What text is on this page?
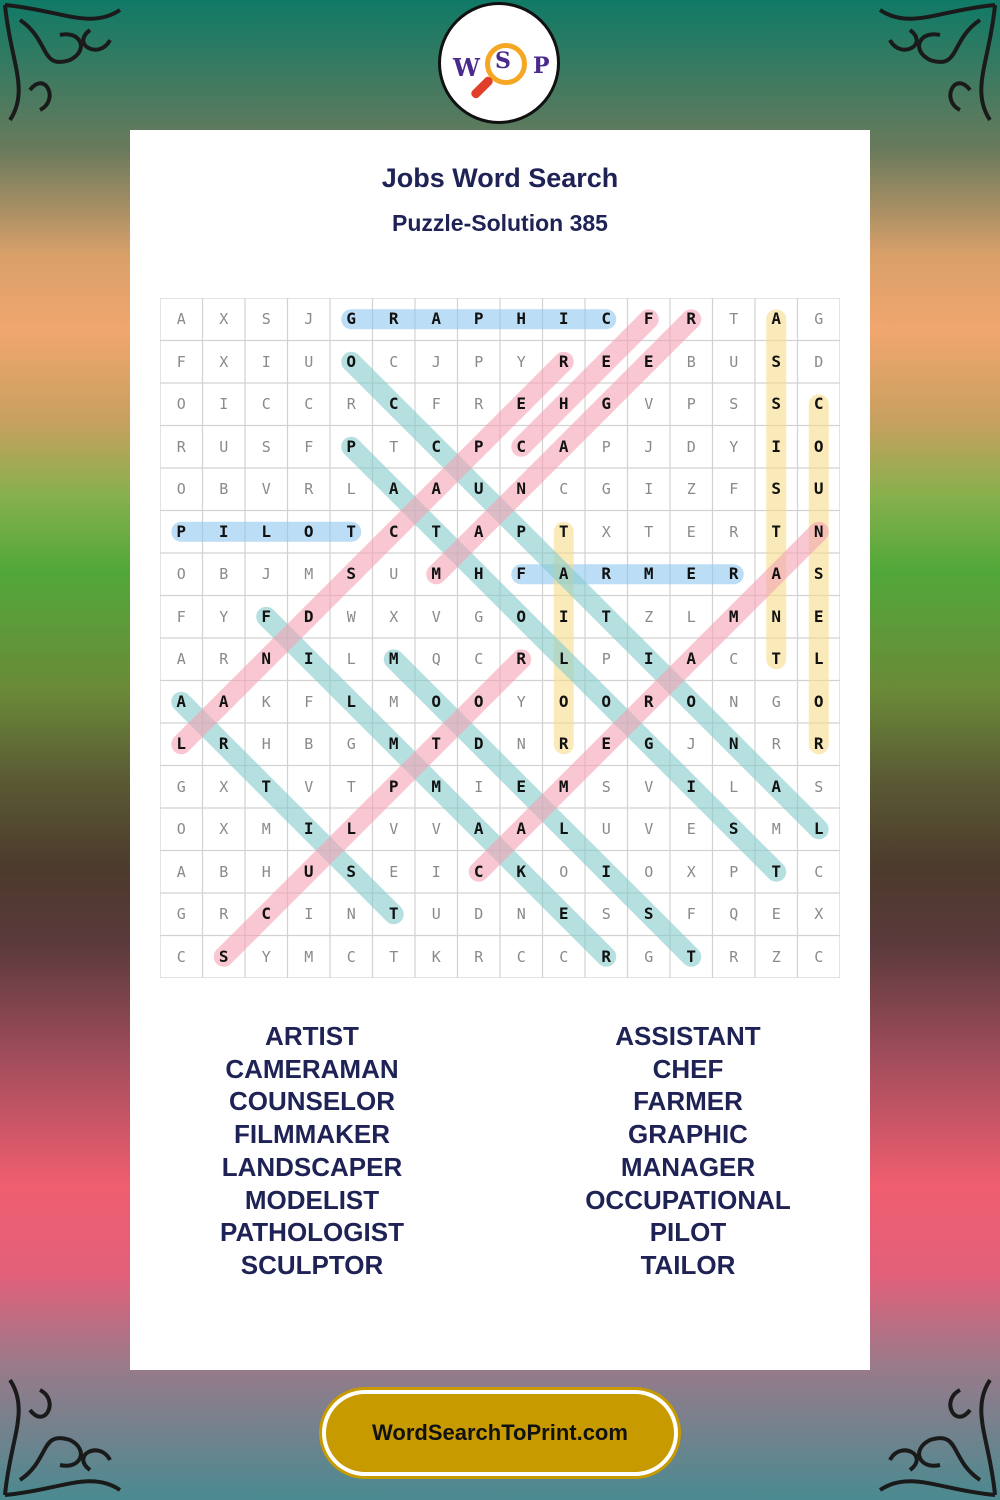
W S P
Jobs Word Search
Puzzle-Solution 385
A	X	S	J	G	R	A	P	H	I	C	F	R	T	A	G
F	X	I	U	O	C	J	P	Y	R	E	E	B	U	S	D
O	I	C	C	R	C	F	R	E	H	G	V	P	S	S	C
R	U	S	F	P	T	C	P	C	A	P	J	D	Y	I	O
O	B	V	R	L	A	A	U	N	C	G	I	Z	F	S	U
P	I	L	O	T	C	T	A	P	T	X	T	E	R	T	N
O	B	J	M	S	U	M	H	F	A	R	M	E	R	A	S
F	Y	F	D	W	X	V	G	O	I	T	Z	L	M	N	E
A	R	N	I	L	M	Q	C	R	L	P	I	A	C	T	L
A	A	K	F	L	M	O	O	Y	O	O	R	O	N	G	O
L	R	H	B	G	M	T	D	N	R	E	G	J	N	R	R
G	X	T	V	T	P	M	I	E	M	S	V	I	L	A	S
O	X	M	I	L	V	V	A	A	L	U	V	E	S	M	L
A	B	H	U	S	E	I	C	K	O	I	O	X	P	T	C
G	R	C	I	N	T	U	D	N	E	S	S	F	Q	E	X
C	S	Y	M	C	T	K	R	C	C	R	G	T	R	Z	C
ARTIST
CAMERAMAN
COUNSELOR
FILMMAKER
LANDSCAPER
MODELIST
PATHOLOGIST
SCULPTOR
ASSISTANT
CHEF
FARMER
GRAPHIC
MANAGER
OCCUPATIONAL
PILOT
TAILOR
WordSearchToPrint.com
